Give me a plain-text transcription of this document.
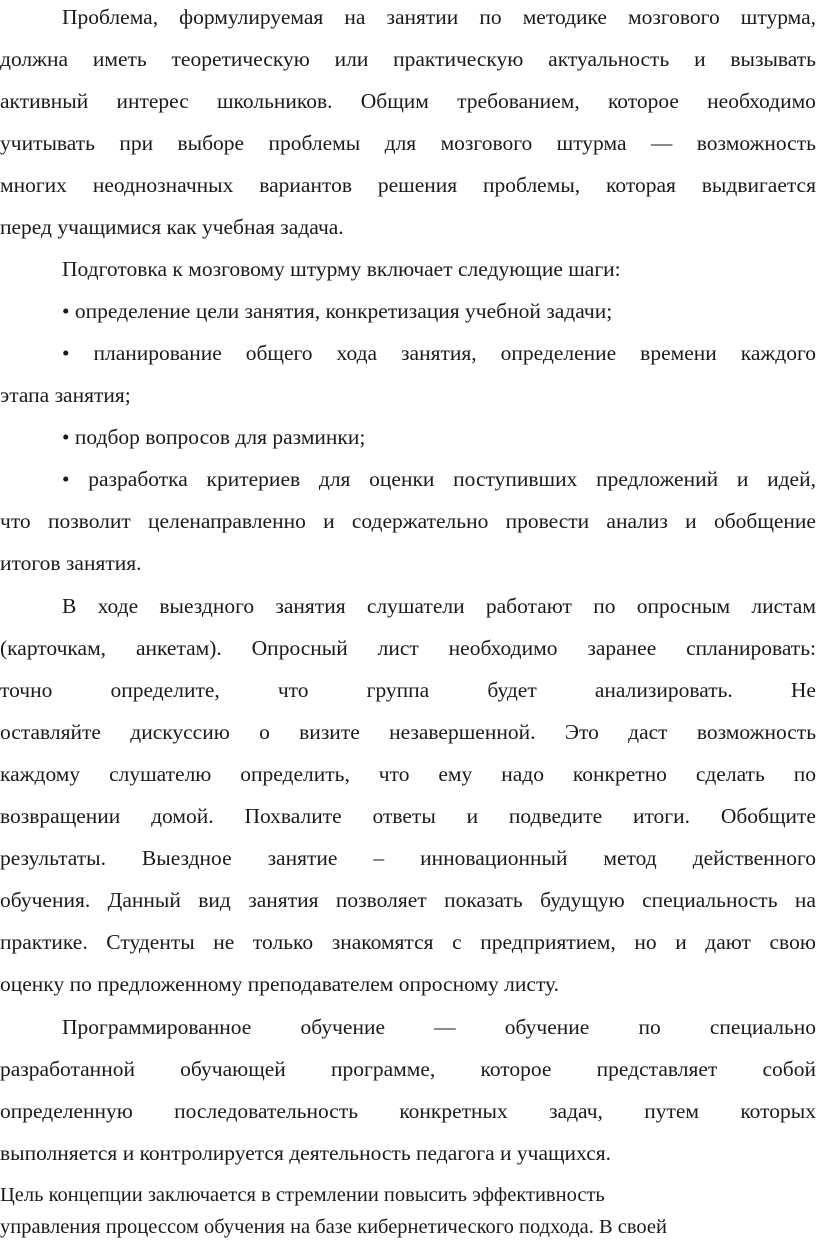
Проблема, формулируемая на занятии по методике мозгового штурма,
должна иметь теоретическую или практическую актуальность и вызывать
активный интерес школьников. Общим требованием, которое необходимо
учитывать при выборе проблемы для мозгового штурма — возможность
многих неоднозначных вариантов решения проблемы, которая выдвигается
перед учащимися как учебная задача.
Подготовка к мозговому штурму включает следующие шаги:
• определение цели занятия, конкретизация учебной задачи;
• планирование общего хода занятия, определение времени каждого
этапа занятия;
• подбор вопросов для разминки;
• разработка критериев для оценки поступивших предложений и идей,
что позволит целенаправленно и содержательно провести анализ и обобщение
итогов занятия.
В ходе выездного занятия слушатели работают по опросным листам
(карточкам, анкетам). Опросный лист необходимо заранее спланировать:
точно	определите,	что	группа	будет	анализировать.	Не
оставляйте дискуссию о визите незавершенной. Это даст возможность
каждому слушателю определить, что ему надо конкретно сделать по
возвращении домой. Похвалите ответы и подведите итоги. Обобщите
результаты. Выездное занятие – инновационный метод действенного
обучения. Данный вид занятия позволяет показать будущую специальность на
практике. Студенты не только знакомятся с предприятием, но и дают свою
оценку по предложенному преподавателем опросному листу.
Программированное обучение — обучение по специально
разработанной обучающей программе, которое представляет собой
определенную последовательность конкретных задач, путем которых
выполняется и контролируется деятельность педагога и учащихся.
Цель концепции заключается в стремлении повысить эффективность
управления процессом обучения на базе кибернетического подхода. В своей
